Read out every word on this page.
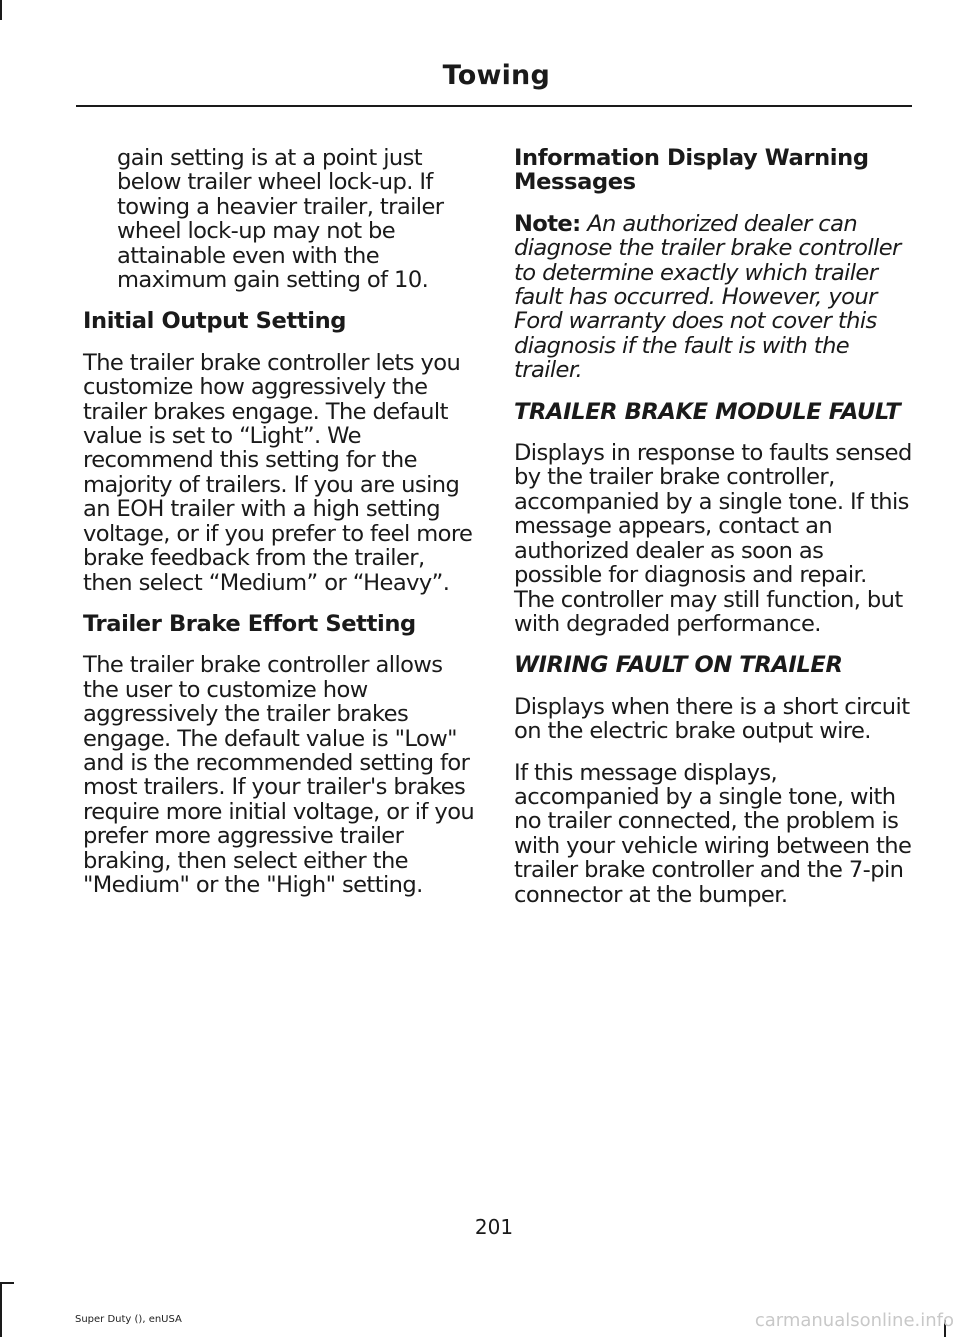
Towing

gain setting is at a point just below trailer wheel lock-up. If towing a heavier trailer, trailer wheel lock-up may not be attainable even with the maximum gain setting of 10.

Initial Output Setting

The trailer brake controller lets you customize how aggressively the trailer brakes engage. The default value is set to “Light”. We recommend this setting for the majority of trailers. If you are using an EOH trailer with a high setting voltage, or if you prefer to feel more brake feedback from the trailer, then select “Medium” or “Heavy”.

Trailer Brake Effort Setting

The trailer brake controller allows the user to customize how aggressively the trailer brakes engage. The default value is "Low" and is the recommended setting for most trailers. If your trailer's brakes require more initial voltage, or if you prefer more aggressive trailer braking, then select either the "Medium" or the "High" setting.

Information Display Warning Messages

Note: An authorized dealer can diagnose the trailer brake controller to determine exactly which trailer fault has occurred. However, your Ford warranty does not cover this diagnosis if the fault is with the trailer.

TRAILER BRAKE MODULE FAULT

Displays in response to faults sensed by the trailer brake controller, accompanied by a single tone. If this message appears, contact an authorized dealer as soon as possible for diagnosis and repair. The controller may still function, but with degraded performance.

WIRING FAULT ON TRAILER

Displays when there is a short circuit on the electric brake output wire.

If this message displays, accompanied by a single tone, with no trailer connected, the problem is with your vehicle wiring between the trailer brake controller and the 7-pin connector at the bumper.

201
Super Duty (), enUSA	carmanualsonline.info
